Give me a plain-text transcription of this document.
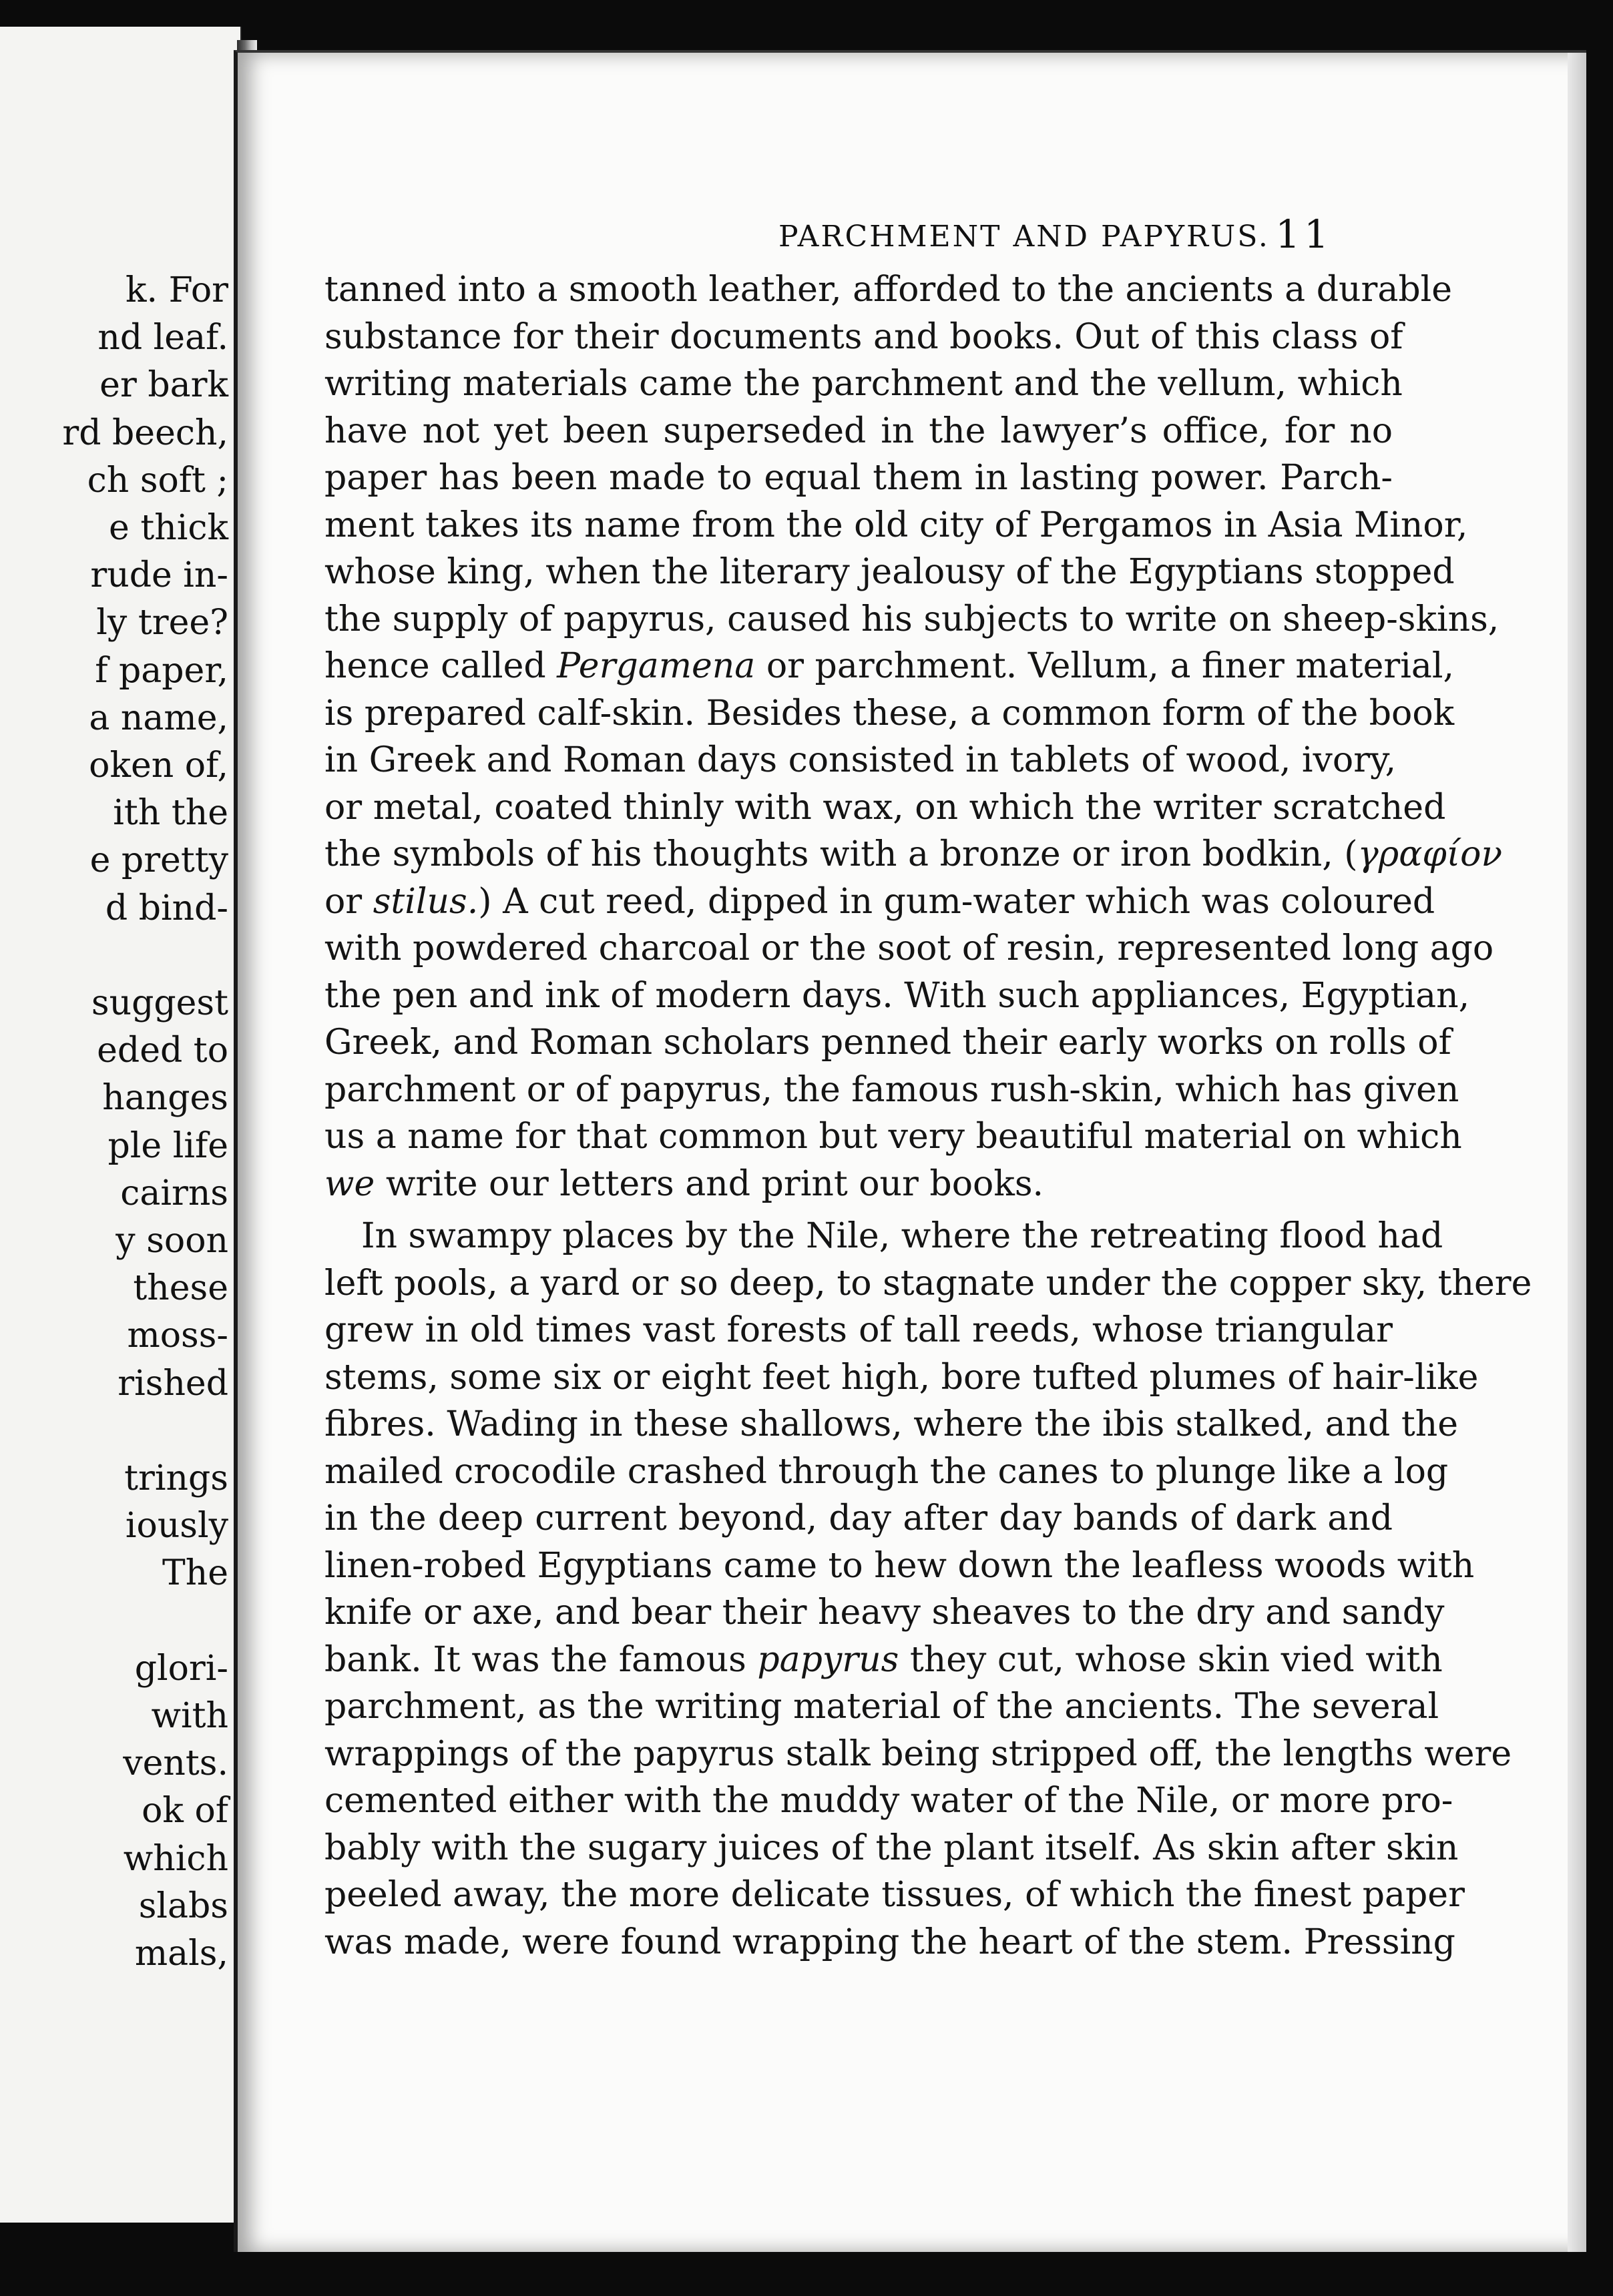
k. For
nd leaf.
er bark
rd beech,
ch soft ;
e thick
rude in-
ly tree?
f paper,
a name,
oken of,
ith the
e pretty
d bind-
suggest
eded to
hanges
ple life
cairns
y soon
these
moss-
rished
trings
iously
The
glori-
with
vents.
ok of
which
slabs
mals,
PARCHMENT AND PAPYRUS. 11
tanned into a smooth leather, afforded to the ancients a durable
substance for their documents and books. Out of this class of
writing materials came the parchment and the vellum, which
have not yet been superseded in the lawyer’s office, for no
paper has been made to equal them in lasting power. Parch-
ment takes its name from the old city of Pergamos in Asia Minor,
whose king, when the literary jealousy of the Egyptians stopped
the supply of papyrus, caused his subjects to write on sheep-skins,
hence called Pergamena or parchment. Vellum, a finer material,
is prepared calf-skin. Besides these, a common form of the book
in Greek and Roman days consisted in tablets of wood, ivory,
or metal, coated thinly with wax, on which the writer scratched
the symbols of his thoughts with a bronze or iron bodkin, (γραφίον
or stilus.) A cut reed, dipped in gum-water which was coloured
with powdered charcoal or the soot of resin, represented long ago
the pen and ink of modern days. With such appliances, Egyptian,
Greek, and Roman scholars penned their early works on rolls of
parchment or of papyrus, the famous rush-skin, which has given
us a name for that common but very beautiful material on which
we write our letters and print our books.
In swampy places by the Nile, where the retreating flood had
left pools, a yard or so deep, to stagnate under the copper sky, there
grew in old times vast forests of tall reeds, whose triangular
stems, some six or eight feet high, bore tufted plumes of hair-like
fibres. Wading in these shallows, where the ibis stalked, and the
mailed crocodile crashed through the canes to plunge like a log
in the deep current beyond, day after day bands of dark and
linen-robed Egyptians came to hew down the leafless woods with
knife or axe, and bear their heavy sheaves to the dry and sandy
bank. It was the famous papyrus they cut, whose skin vied with
parchment, as the writing material of the ancients. The several
wrappings of the papyrus stalk being stripped off, the lengths were
cemented either with the muddy water of the Nile, or more pro-
bably with the sugary juices of the plant itself. As skin after skin
peeled away, the more delicate tissues, of which the finest paper
was made, were found wrapping the heart of the stem. Pressing
